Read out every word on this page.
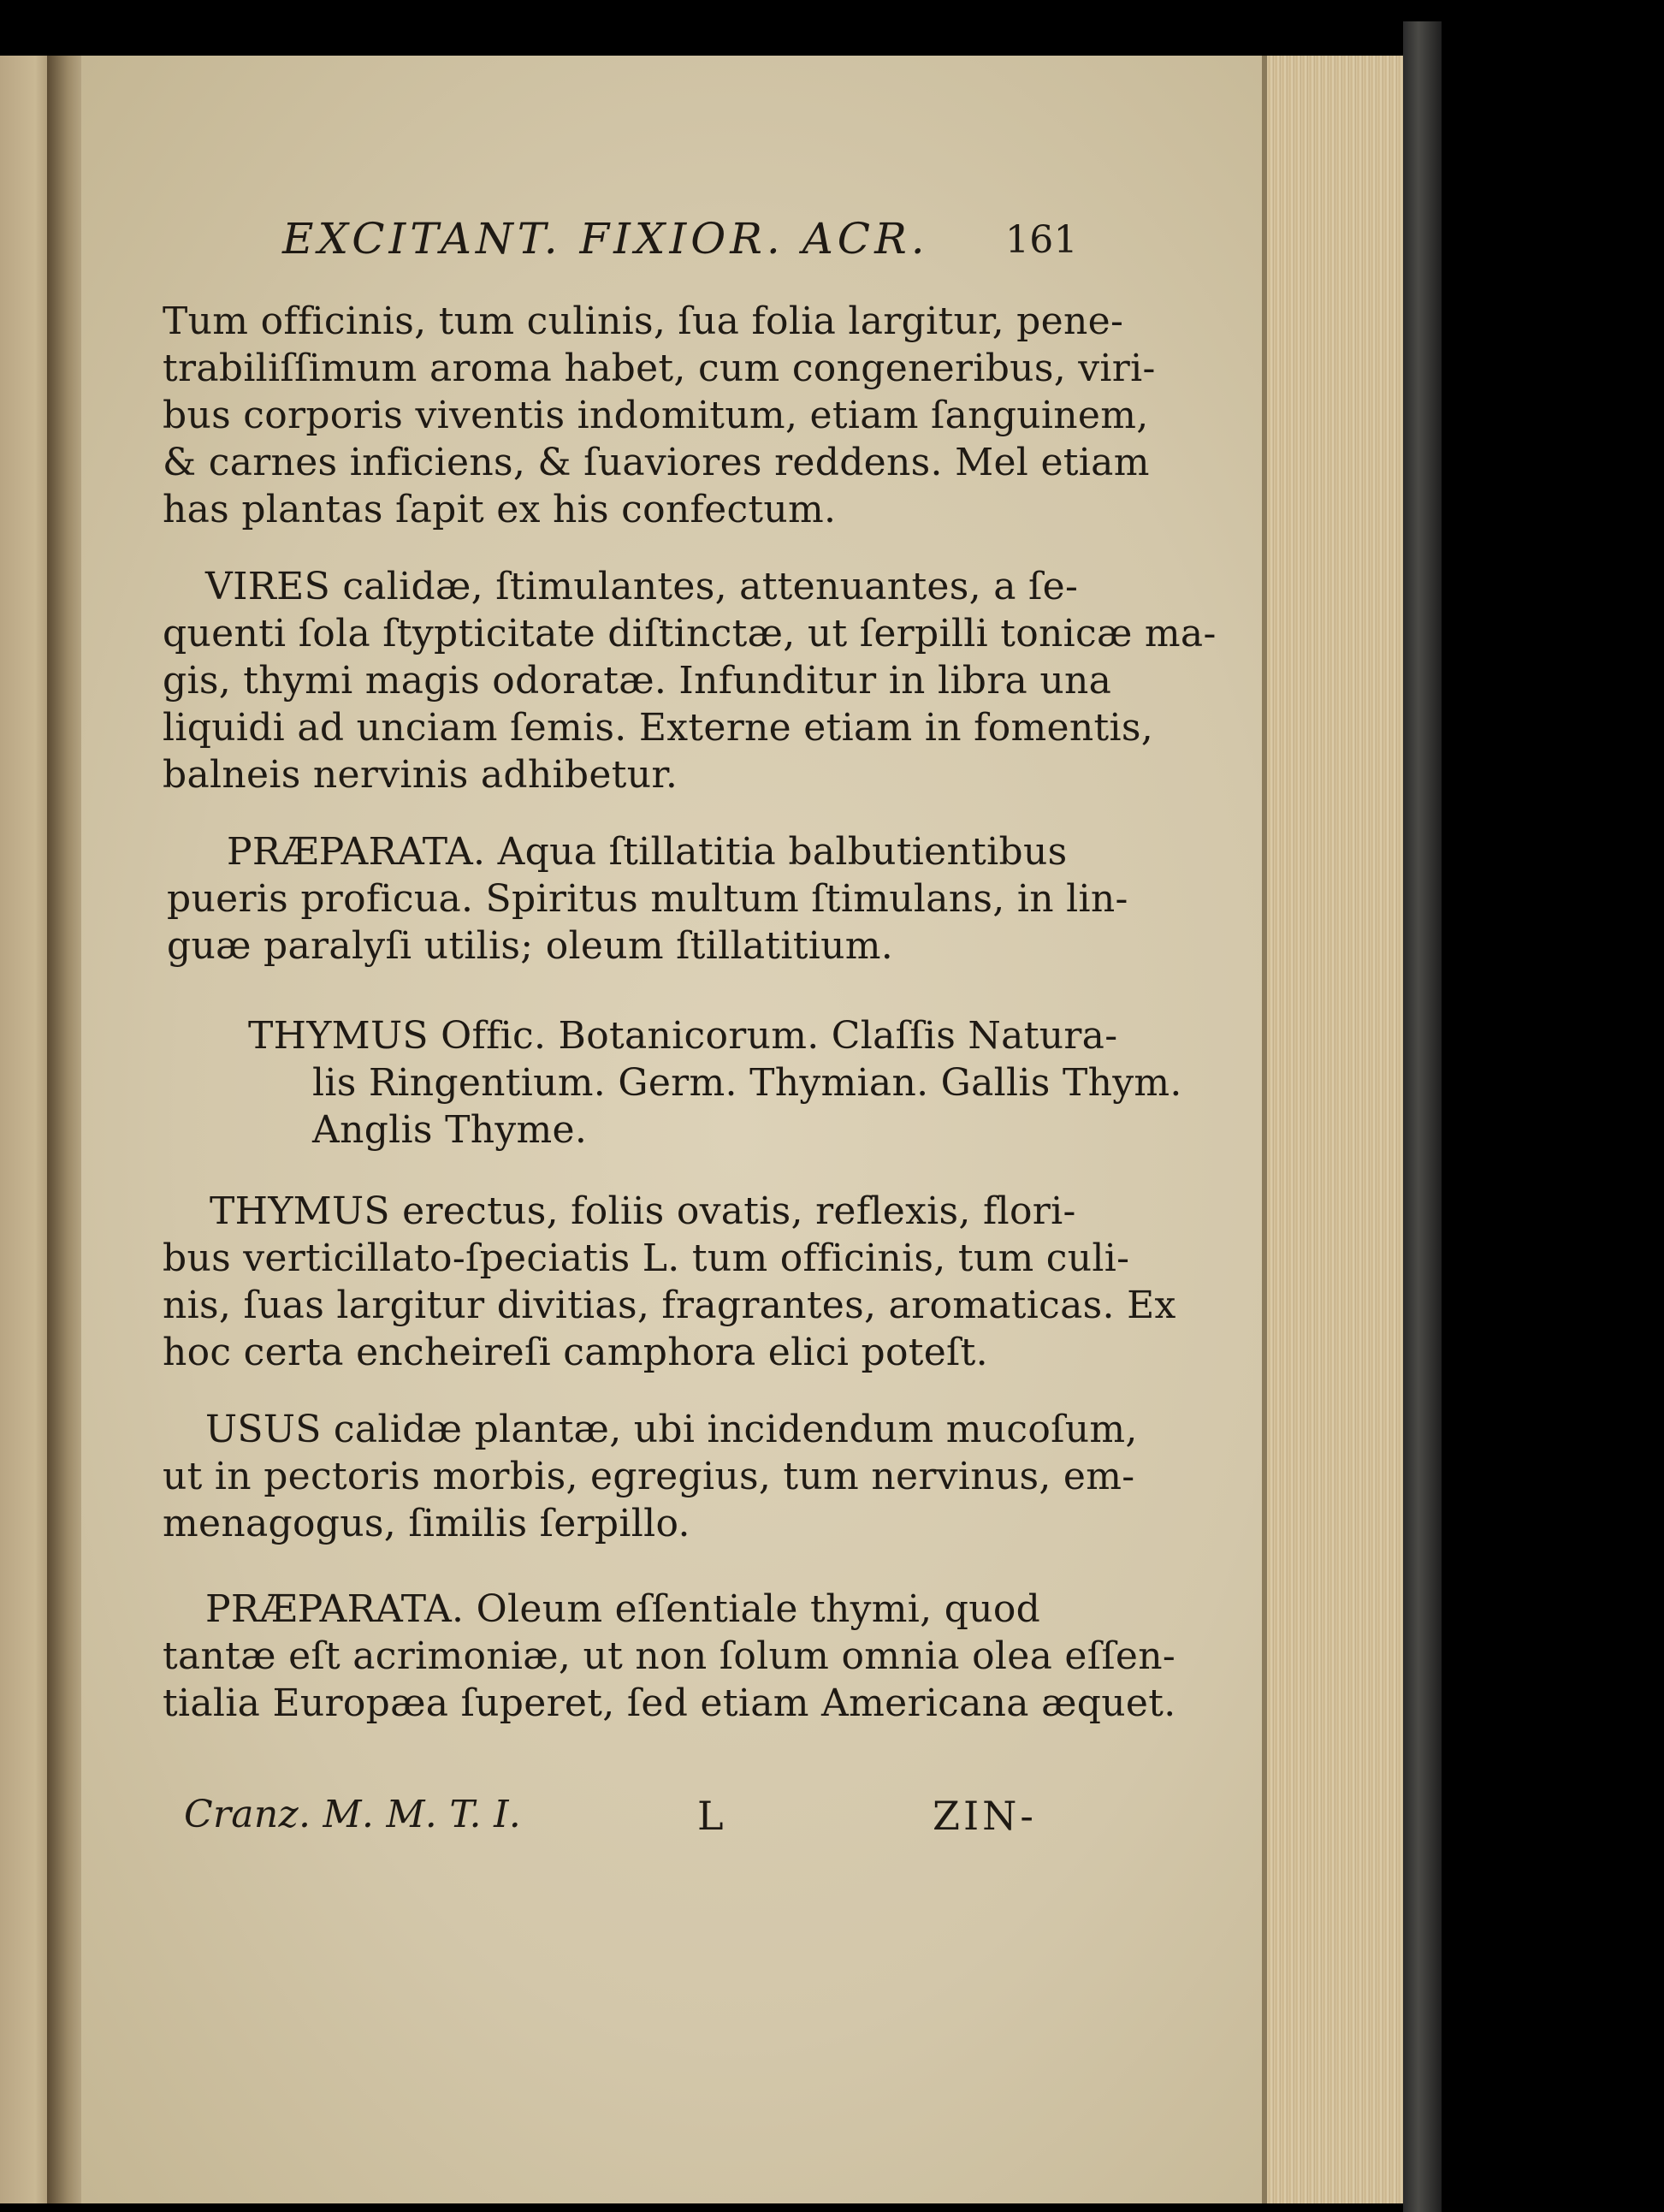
EXCITANT. FIXIOR. ACR. 161
Tum officinis, tum culinis, ſua folia largitur, pene-
trabiliſſimum aroma habet, cum congeneribus, viri-
bus corporis viventis indomitum, etiam ſanguinem,
& carnes inficiens, & ſuaviores reddens. Mel etiam
has plantas ſapit ex his confectum.
VIRES calidæ, ſtimulantes, attenuantes, a ſe-
quenti ſola ſtypticitate diſtinctæ, ut ſerpilli tonicæ ma-
gis, thymi magis odoratæ. Infunditur in libra una
liquidi ad unciam ſemis. Externe etiam in fomentis,
balneis nervinis adhibetur.
PRÆPARATA. Aqua ſtillatitia balbutientibus
pueris proficua. Spiritus multum ſtimulans, in lin-
guæ paralyſi utilis; oleum ſtillatitium.
THYMUS Offic. Botanicorum. Claſſis Natura-
lis Ringentium. Germ. Thymian. Gallis Thym.
Anglis Thyme.
THYMUS erectus, foliis ovatis, reflexis, flori-
bus verticillato-ſpeciatis L. tum officinis, tum culi-
nis, ſuas largitur divitias, fragrantes, aromaticas. Ex
hoc certa encheireſi camphora elici poteſt.
USUS calidæ plantæ, ubi incidendum mucoſum,
ut in pectoris morbis, egregius, tum nervinus, em-
menagogus, ſimilis ſerpillo.
PRÆPARATA. Oleum eſſentiale thymi, quod
tantæ eſt acrimoniæ, ut non ſolum omnia olea eſſen-
tialia Europæa ſuperet, ſed etiam Americana æquet.
Cranz. M. M. T. I.	L	ZIN-
